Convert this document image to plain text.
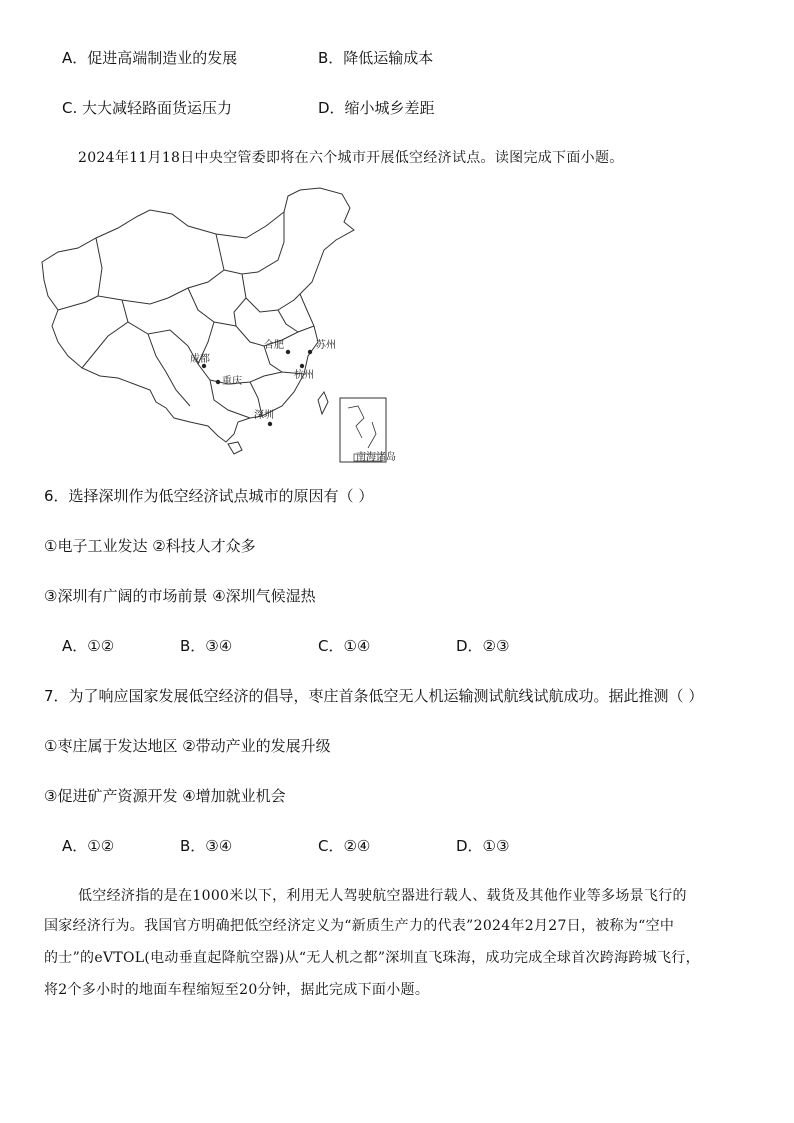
A．促进高端制造业的发展	B．降低运输成本
C. 大大减轻路面货运压力	D．缩小城乡差距
2024年11月18日中央空管委即将在六个城市开展低空经济试点。读图完成下面小题。
南海诸岛
成都
重庆
合肥	苏州
杭州
深圳
6．选择深圳作为低空经济试点城市的原因有（ ）
①电子工业发达 ②科技人才众多
③深圳有广阔的市场前景 ④深圳气候湿热
A．①②	B．③④	C．①④	D．②③
7．为了响应国家发展低空经济的倡导，枣庄首条低空无人机运输测试航线试航成功。据此推测（ ）
①枣庄属于发达地区 ②带动产业的发展升级
③促进矿产资源开发 ④增加就业机会
A．①②	B．③④	C．②④	D．①③
低空经济指的是在1000米以下，利用无人驾驶航空器进行载人、载货及其他作业等多场景飞行的
国家经济行为。我国官方明确把低空经济定义为“新质生产力的代表”2024年2月27日，被称为“空中
的士”的eVTOL(电动垂直起降航空器)从“无人机之都”深圳直飞珠海，成功完成全球首次跨海跨城飞行，
将2个多小时的地面车程缩短至20分钟，据此完成下面小题。
